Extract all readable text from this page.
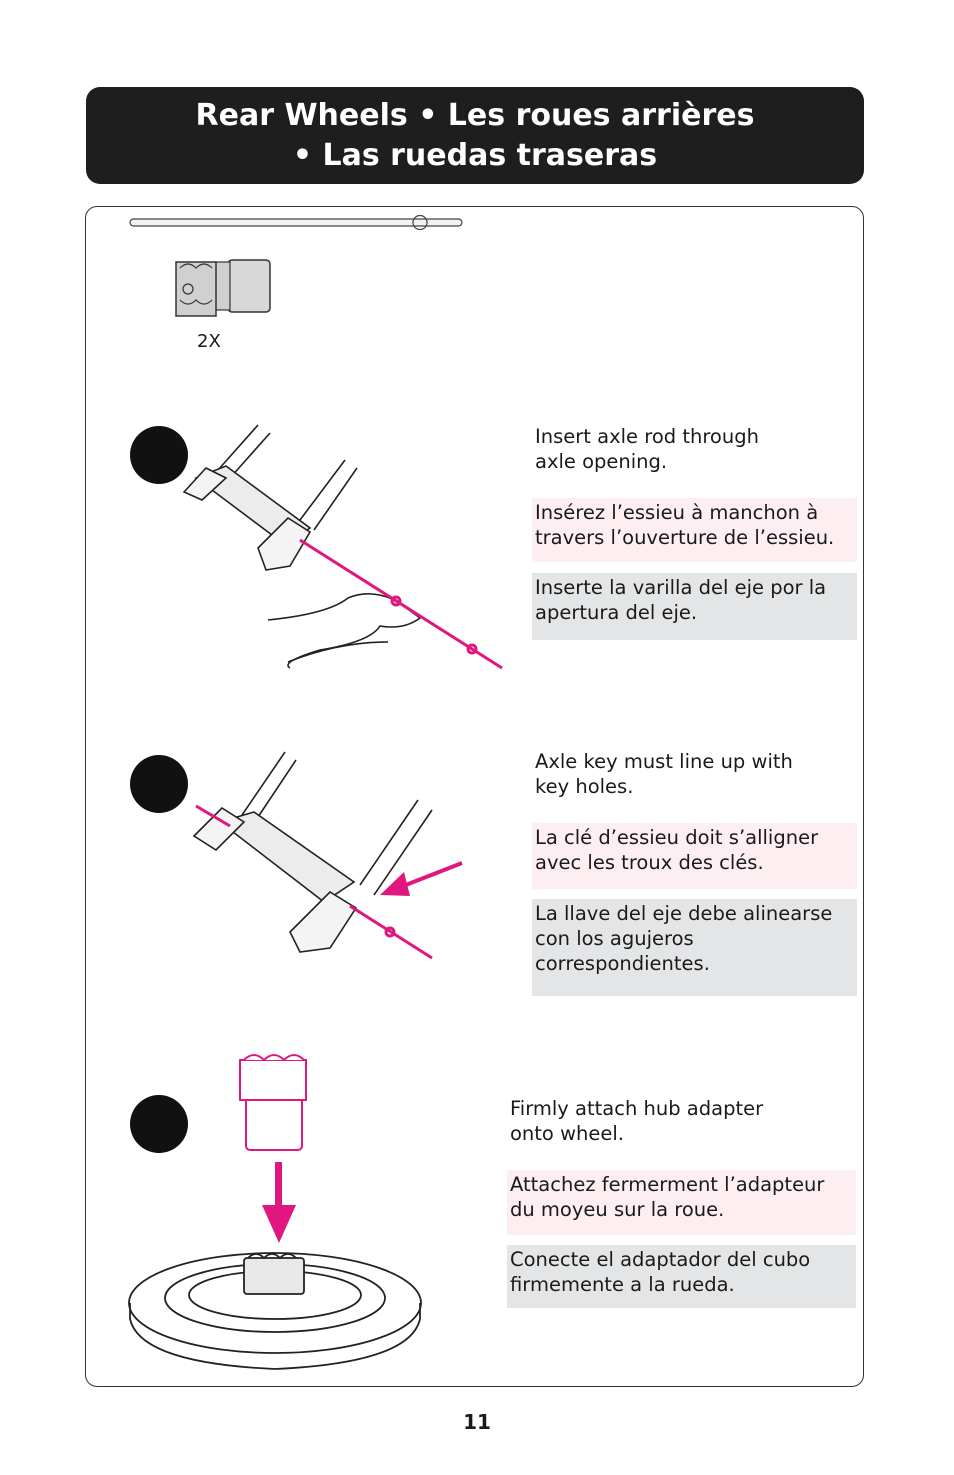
Rear Wheels • Les roues arrières
• Las ruedas traseras
2X
Insert axle rod through axle opening.
Insérez l’essieu à manchon à travers l’ouverture de l’essieu.
Inserte la varilla del eje por la apertura del eje.
Axle key must line up with key holes.
La clé d’essieu doit s’alligner avec les troux des clés.
La llave del eje debe alinearse con los agujeros correspondientes.
Firmly attach hub adapter onto wheel.
Attachez fermerment l’adapteur du moyeu sur la roue.
Conecte el adaptador del cubo firmemente a la rueda.
11
